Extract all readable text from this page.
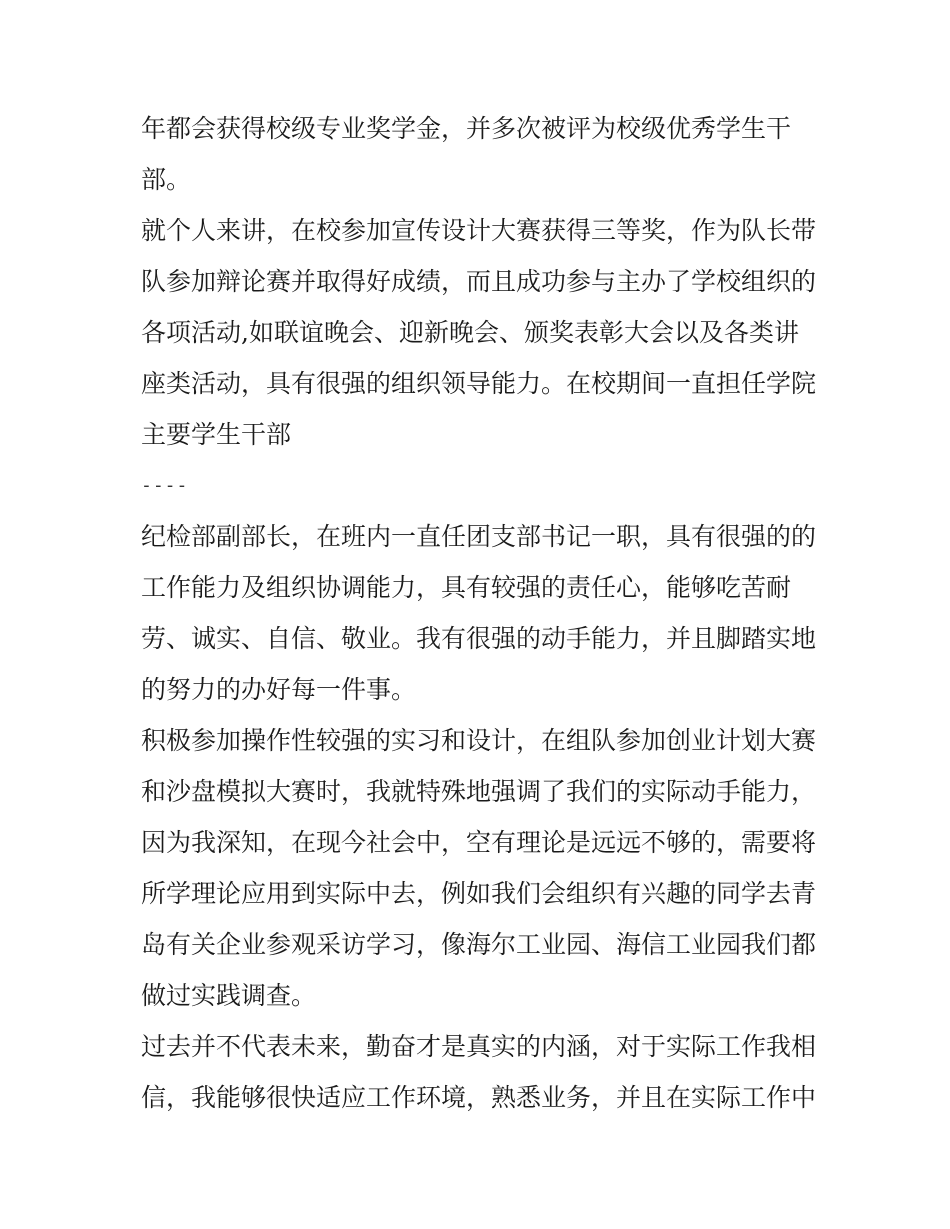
年都会获得校级专业奖学金，并多次被评为校级优秀学生干
部。
就个人来讲，在校参加宣传设计大赛获得三等奖，作为队长带
队参加辩论赛并取得好成绩，而且成功参与主办了学校组织的
各项活动,如联谊晚会、迎新晚会、颁奖表彰大会以及各类讲
座类活动，具有很强的组织领导能力。在校期间一直担任学院
主要学生干部
----
纪检部副部长，在班内一直任团支部书记一职，具有很强的的
工作能力及组织协调能力，具有较强的责任心，能够吃苦耐
劳、诚实、自信、敬业。我有很强的动手能力，并且脚踏实地
的努力的办好每一件事。
积极参加操作性较强的实习和设计，在组队参加创业计划大赛
和沙盘模拟大赛时，我就特殊地强调了我们的实际动手能力，
因为我深知，在现今社会中，空有理论是远远不够的，需要将
所学理论应用到实际中去，例如我们会组织有兴趣的同学去青
岛有关企业参观采访学习，像海尔工业园、海信工业园我们都
做过实践调查。
过去并不代表未来，勤奋才是真实的内涵，对于实际工作我相
信，我能够很快适应工作环境，熟悉业务，并且在实际工作中
